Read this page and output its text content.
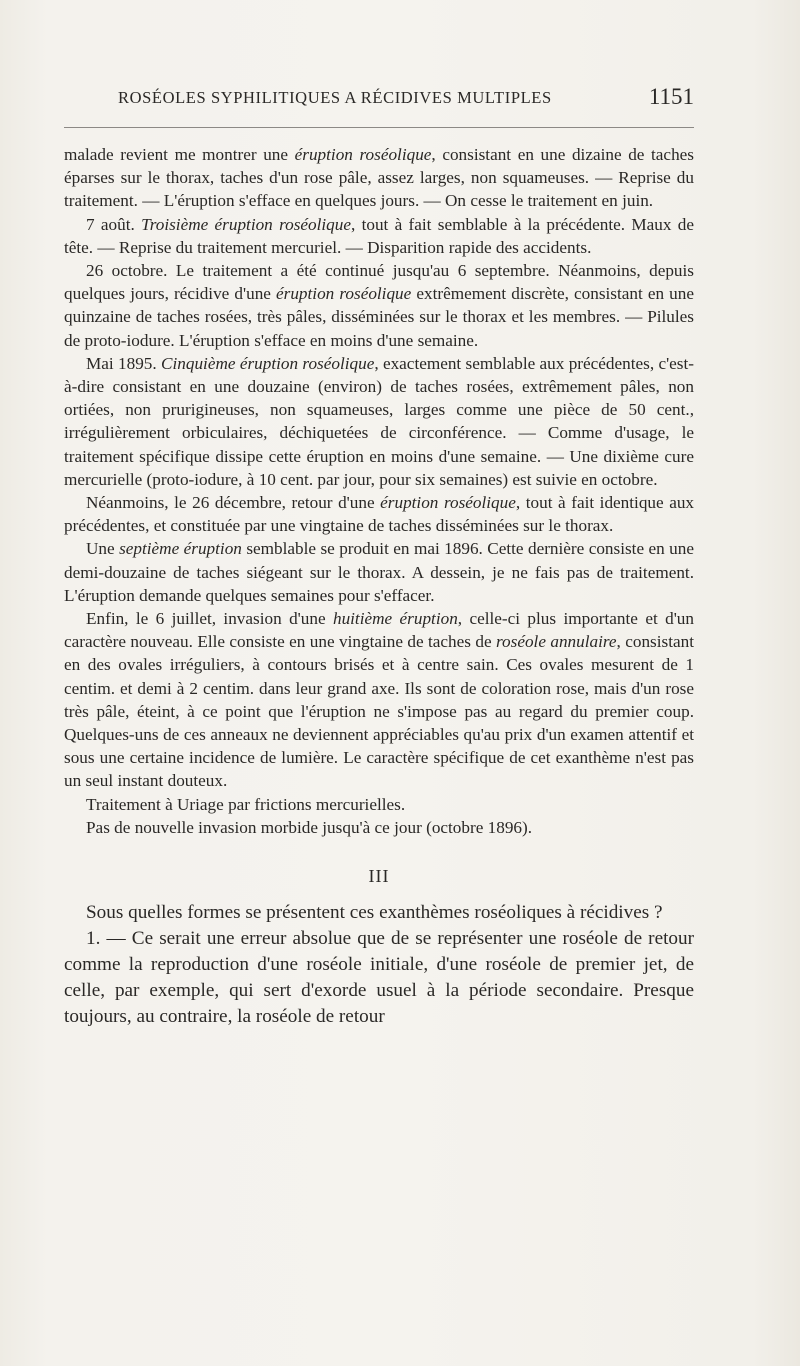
ROSÉOLES SYPHILITIQUES A RÉCIDIVES MULTIPLES	1151

malade revient me montrer une éruption roséolique, consistant en une dizaine de taches éparses sur le thorax, taches d'un rose pâle, assez larges, non squameuses. — Reprise du traitement. — L'éruption s'efface en quelques jours. — On cesse le traitement en juin.

7 août. Troisième éruption roséolique, tout à fait semblable à la précédente. Maux de tête. — Reprise du traitement mercuriel. — Disparition rapide des accidents.

26 octobre. Le traitement a été continué jusqu'au 6 septembre. Néanmoins, depuis quelques jours, récidive d'une éruption roséolique extrêmement discrète, consistant en une quinzaine de taches rosées, très pâles, disséminées sur le thorax et les membres. — Pilules de proto-iodure. L'éruption s'efface en moins d'une semaine.

Mai 1895. Cinquième éruption roséolique, exactement semblable aux précédentes, c'est-à-dire consistant en une douzaine (environ) de taches rosées, extrêmement pâles, non ortiées, non prurigineuses, non squameuses, larges comme une pièce de 50 cent., irrégulièrement orbiculaires, déchiquetées de circonférence. — Comme d'usage, le traitement spécifique dissipe cette éruption en moins d'une semaine. — Une dixième cure mercurielle (proto-iodure, à 10 cent. par jour, pour six semaines) est suivie en octobre.

Néanmoins, le 26 décembre, retour d'une éruption roséolique, tout à fait identique aux précédentes, et constituée par une vingtaine de taches disséminées sur le thorax.

Une septième éruption semblable se produit en mai 1896. Cette dernière consiste en une demi-douzaine de taches siégeant sur le thorax. A dessein, je ne fais pas de traitement. L'éruption demande quelques semaines pour s'effacer.

Enfin, le 6 juillet, invasion d'une huitième éruption, celle-ci plus importante et d'un caractère nouveau. Elle consiste en une vingtaine de taches de roséole annulaire, consistant en des ovales irréguliers, à contours brisés et à centre sain. Ces ovales mesurent de 1 centim. et demi à 2 centim. dans leur grand axe. Ils sont de coloration rose, mais d'un rose très pâle, éteint, à ce point que l'éruption ne s'impose pas au regard du premier coup. Quelques-uns de ces anneaux ne deviennent appréciables qu'au prix d'un examen attentif et sous une certaine incidence de lumière. Le caractère spécifique de cet exanthème n'est pas un seul instant douteux.

Traitement à Uriage par frictions mercurielles.

Pas de nouvelle invasion morbide jusqu'à ce jour (octobre 1896).

III

Sous quelles formes se présentent ces exanthèmes roséoliques à récidives ?

1. — Ce serait une erreur absolue que de se représenter une roséole de retour comme la reproduction d'une roséole initiale, d'une roséole de premier jet, de celle, par exemple, qui sert d'exorde usuel à la période secondaire. Presque toujours, au contraire, la roséole de retour
